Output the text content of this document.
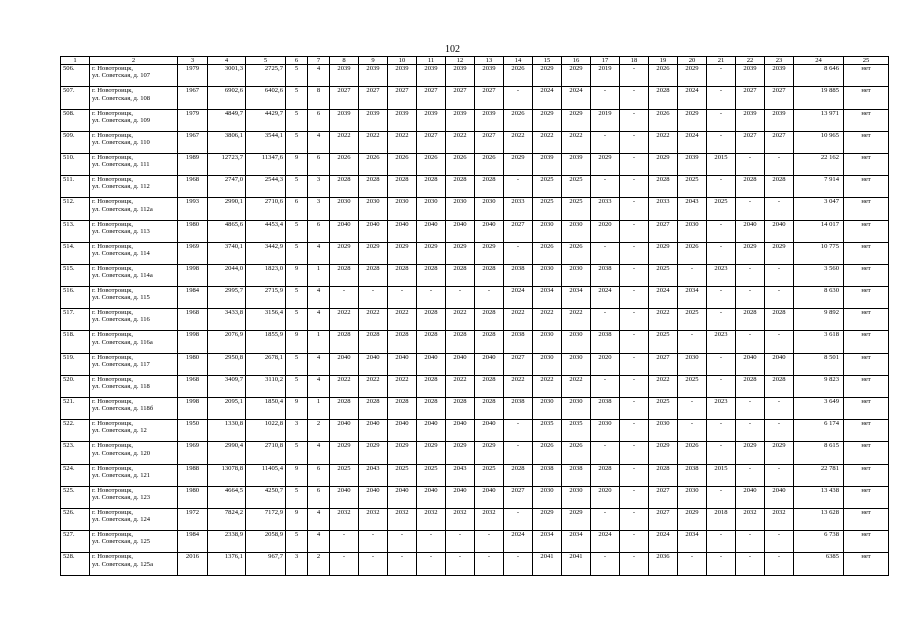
102
1	2	3	4	5	6	7	8	9	10	11	12	13	14	15	16	17	18	19	20	21	22	23	24	25
506.	г. Новотроицк,
ул. Советская, д. 107	1979	3001,3	2725,7	5	4	2039	2039	2039	2039	2039	2039	2026	2029	2029	2019	-	2026	2029	-	2039	2039	8 646	нет
507.	г. Новотроицк,
ул. Советская, д. 108	1967	6902,6	6402,6	5	8	2027	2027	2027	2027	2027	2027	-	2024	2024	-	-	2028	2024	-	2027	2027	19 885	нет
508.	г. Новотроицк,
ул. Советская, д. 109	1979	4849,7	4429,7	5	6	2039	2039	2039	2039	2039	2039	2026	2029	2029	2019	-	2026	2029	-	2039	2039	13 971	нет
509.	г. Новотроицк,
ул. Советская, д. 110	1967	3806,1	3544,1	5	4	2022	2022	2022	2027	2022	2027	2022	2022	2022	-	-	2022	2024	-	2027	2027	10 965	нет
510.	г. Новотроицк,
ул. Советская, д. 111	1989	12723,7	11347,6	9	6	2026	2026	2026	2026	2026	2026	2029	2039	2039	2029	-	2029	2039	2015	-	-	22 162	нет
511.	г. Новотроицк,
ул. Советская, д. 112	1968	2747,0	2544,3	5	3	2028	2028	2028	2028	2028	2028	-	2025	2025	-	-	2028	2025	-	2028	2028	7 914	нет
512.	г. Новотроицк,
ул. Советская, д. 112а	1993	2990,1	2710,6	6	3	2030	2030	2030	2030	2030	2030	2033	2025	2025	2033	-	2033	2043	2025	-	-	3 047	нет
513.	г. Новотроицк,
ул. Советская, д. 113	1980	4865,6	4453,4	5	6	2040	2040	2040	2040	2040	2040	2027	2030	2030	2020	-	2027	2030	-	2040	2040	14 017	нет
514.	г. Новотроицк,
ул. Советская, д. 114	1969	3740,1	3442,9	5	4	2029	2029	2029	2029	2029	2029	-	2026	2026	-	-	2029	2026	-	2029	2029	10 775	нет
515.	г. Новотроицк,
ул. Советская, д. 114а	1998	2044,0	1823,0	9	1	2028	2028	2028	2028	2028	2028	2038	2030	2030	2038	-	2025	-	2023	-	-	3 560	нет
516.	г. Новотроицк,
ул. Советская, д. 115	1984	2995,7	2715,9	5	4	-	-	-	-	-	-	2024	2034	2034	2024	-	2024	2034	-	-	-	8 630	нет
517.	г. Новотроицк,
ул. Советская, д. 116	1968	3433,8	3156,4	5	4	2022	2022	2022	2028	2022	2028	2022	2022	2022	-	-	2022	2025	-	2028	2028	9 892	нет
518.	г. Новотроицк,
ул. Советская, д. 116а	1998	2076,9	1855,9	9	1	2028	2028	2028	2028	2028	2028	2038	2030	2030	2038	-	2025	-	2023	-	-	3 618	нет
519.	г. Новотроицк,
ул. Советская, д. 117	1980	2950,8	2678,1	5	4	2040	2040	2040	2040	2040	2040	2027	2030	2030	2020	-	2027	2030	-	2040	2040	8 501	нет
520.	г. Новотроицк,
ул. Советская, д. 118	1968	3409,7	3110,2	5	4	2022	2022	2022	2028	2022	2028	2022	2022	2022	-	-	2022	2025	-	2028	2028	9 823	нет
521.	г. Новотроицк,
ул. Советская, д. 118б	1998	2095,1	1850,4	9	1	2028	2028	2028	2028	2028	2028	2038	2030	2030	2038	-	2025	-	2023	-	-	3 649	нет
522.	г. Новотроицк,
ул. Советская, д. 12	1950	1330,8	1022,8	3	2	2040	2040	2040	2040	2040	2040	-	2035	2035	2030	-	2030	-	-	-	-	6 174	нет
523.	г. Новотроицк,
ул. Советская, д. 120	1969	2990,4	2710,8	5	4	2029	2029	2029	2029	2029	2029	-	2026	2026	-	-	2029	2026	-	2029	2029	8 615	нет
524.	г. Новотроицк,
ул. Советская, д. 121	1988	13078,8	11405,4	9	6	2025	2043	2025	2025	2043	2025	2028	2038	2038	2028	-	2028	2038	2015	-	-	22 781	нет
525.	г. Новотроицк,
ул. Советская, д. 123	1980	4664,5	4250,7	5	6	2040	2040	2040	2040	2040	2040	2027	2030	2030	2020	-	2027	2030	-	2040	2040	13 438	нет
526.	г. Новотроицк,
ул. Советская, д. 124	1972	7824,2	7172,9	9	4	2032	2032	2032	2032	2032	2032	-	2029	2029	-	-	2027	2029	2018	2032	2032	13 628	нет
527.	г. Новотроицк,
ул. Советская, д. 125	1984	2338,9	2058,9	5	4	-	-	-	-	-	-	2024	2034	2034	2024	-	2024	2034	-	-	-	6 738	нет
528.	г. Новотроицк,
ул. Советская, д. 125а	2016	1376,1	967,7	3	2	-	-	-	-	-	-	-	2041	2041	-	-	2036	-	-	-	-	6385	нет
